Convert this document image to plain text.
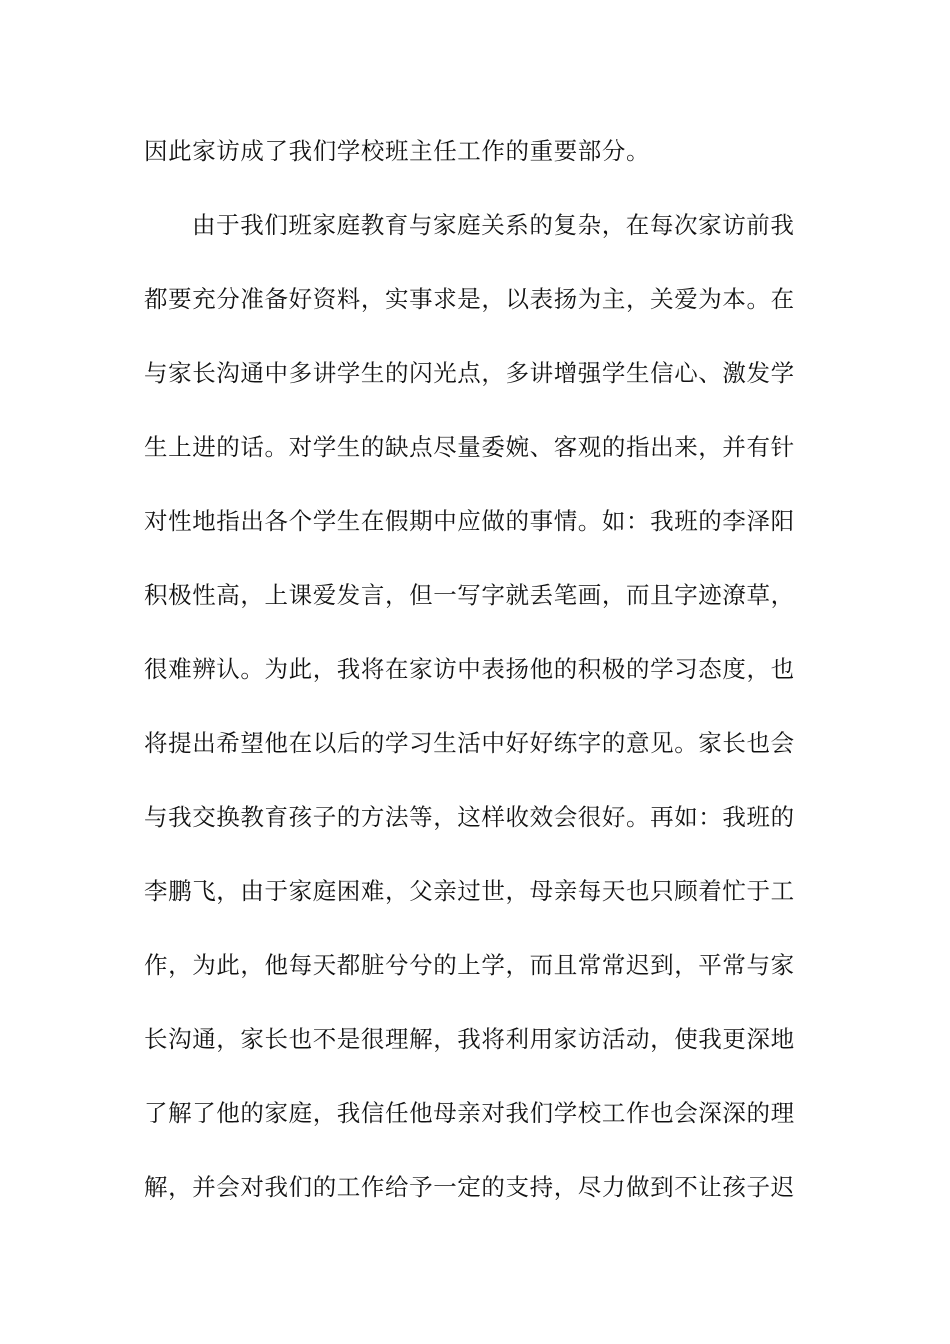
因此家访成了我们学校班主任工作的重要部分。
由于我们班家庭教育与家庭关系的复杂，在每次家访前我
都要充分准备好资料，实事求是，以表扬为主，关爱为本。在
与家长沟通中多讲学生的闪光点，多讲增强学生信心、激发学
生上进的话。对学生的缺点尽量委婉、客观的指出来，并有针
对性地指出各个学生在假期中应做的事情。如：我班的李泽阳
积极性高，上课爱发言，但一写字就丢笔画，而且字迹潦草，
很难辨认。为此，我将在家访中表扬他的积极的学习态度，也
将提出希望他在以后的学习生活中好好练字的意见。家长也会
与我交换教育孩子的方法等，这样收效会很好。再如：我班的
李鹏飞，由于家庭困难，父亲过世，母亲每天也只顾着忙于工
作，为此，他每天都脏兮兮的上学，而且常常迟到，平常与家
长沟通，家长也不是很理解，我将利用家访活动，使我更深地
了解了他的家庭，我信任他母亲对我们学校工作也会深深的理
解，并会对我们的工作给予一定的支持，尽力做到不让孩子迟
